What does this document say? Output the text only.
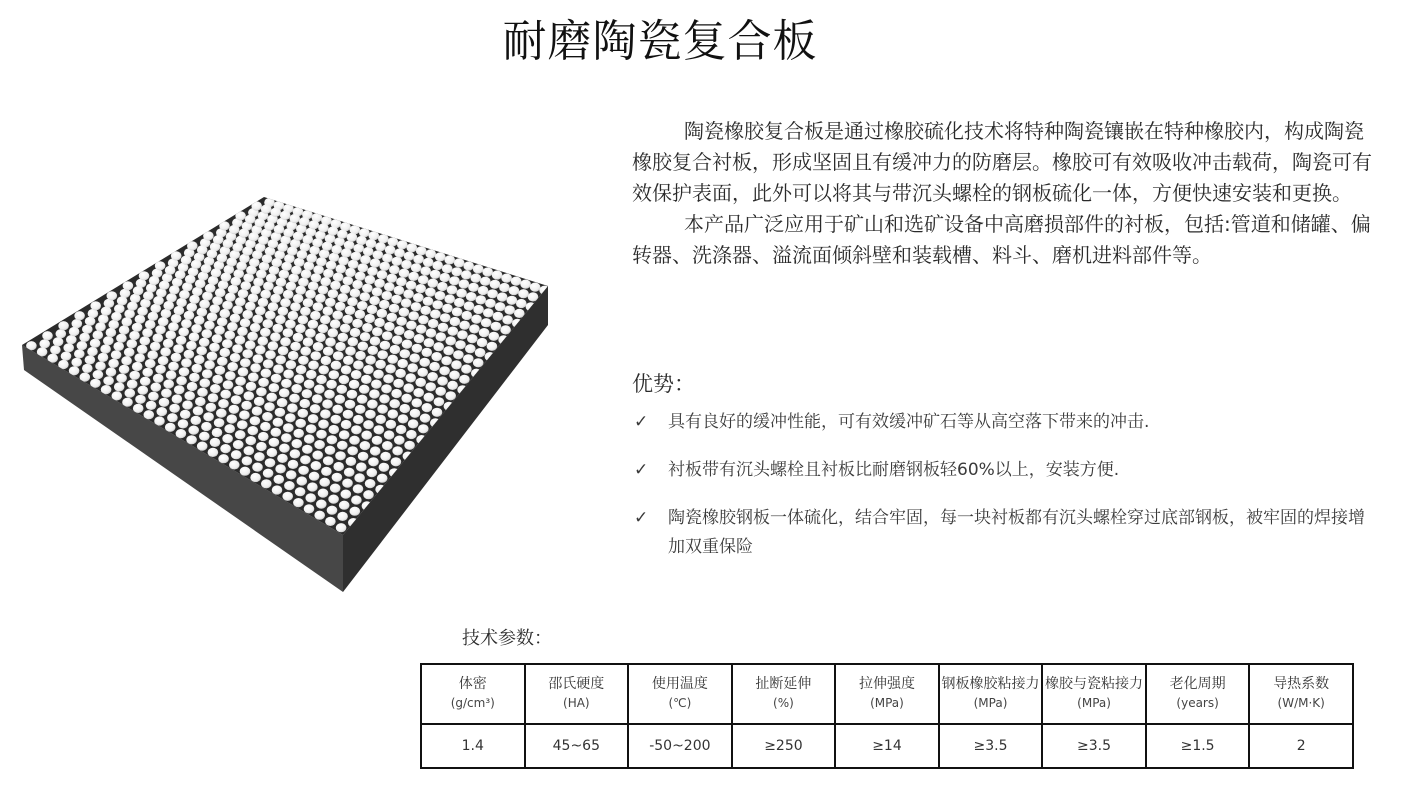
耐磨陶瓷复合板

陶瓷橡胶复合板是通过橡胶硫化技术将特种陶瓷镶嵌在特种橡胶内，构成陶瓷橡胶复合衬板，形成坚固且有缓冲力的防磨层。橡胶可有效吸收冲击载荷，陶瓷可有效保护表面，此外可以将其与带沉头螺栓的钢板硫化一体，方便快速安装和更换。

本产品广泛应用于矿山和选矿设备中高磨损部件的衬板，包括:管道和储罐、偏转器、洗涤器、溢流面倾斜壁和装载槽、料斗、磨机进料部件等。

优势：
✓ 具有良好的缓冲性能，可有效缓冲矿石等从高空落下带来的冲击.
✓ 衬板带有沉头螺栓且衬板比耐磨钢板轻60%以上，安装方便.
✓ 陶瓷橡胶钢板一体硫化，结合牢固，每一块衬板都有沉头螺栓穿过底部钢板，被牢固的焊接增加双重保险
技术参数：
体密
(g/cm³)	邵氏硬度
(HA)	使用温度
(℃)	扯断延伸
(%)	拉伸强度
(MPa)	钢板橡胶粘接力
(MPa)	橡胶与瓷粘接力
(MPa)	老化周期
(years)	导热系数
(W/M·K)

1.4	45~65	-50~200	≥250	≥14	≥3.5	≥3.5	≥1.5	2
